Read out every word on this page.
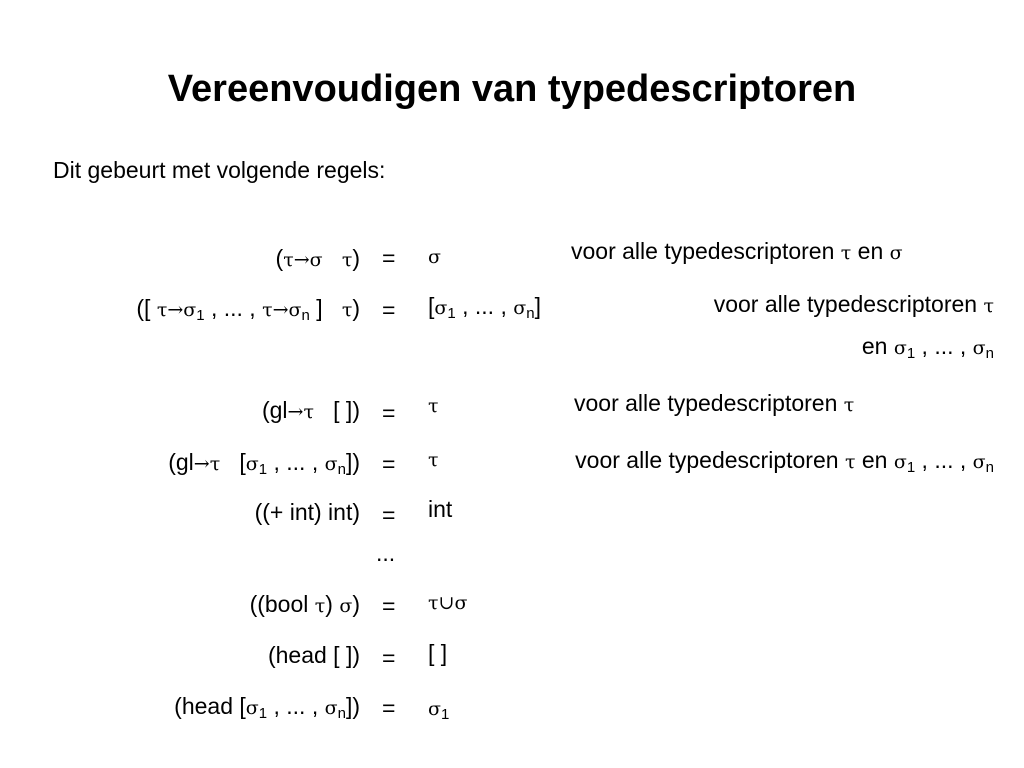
Vereenvoudigen van typedescriptoren
Dit gebeurt met volgende regels:
(τ→σ τ) = σ	voor alle typedescriptoren τ en σ
([ $\tau\to\sigma_1$ , ... , $\tau\to\sigma_n$ ] $\tau) = [\sigma_1$ , ... , $\sigma_n$]	voor alle typedescriptoren τ
en $\sigma_1$ , ... , $\sigma_n$
(gl→τ [ ]) = τ	voor alle typedescriptoren τ
(gl→τ [$\sigma_1$ , ... , $\sigma_n]) = \tau$	voor alle typedescriptoren τ en $\sigma_1$ , ... , $\sigma_n$
((+ int) int) = int
...
((bool τ) σ) = τ∪σ
(head [ ]) = [ ]
(head [$\sigma_1$ , ... , $\sigma_n]) = \sigma_1$
